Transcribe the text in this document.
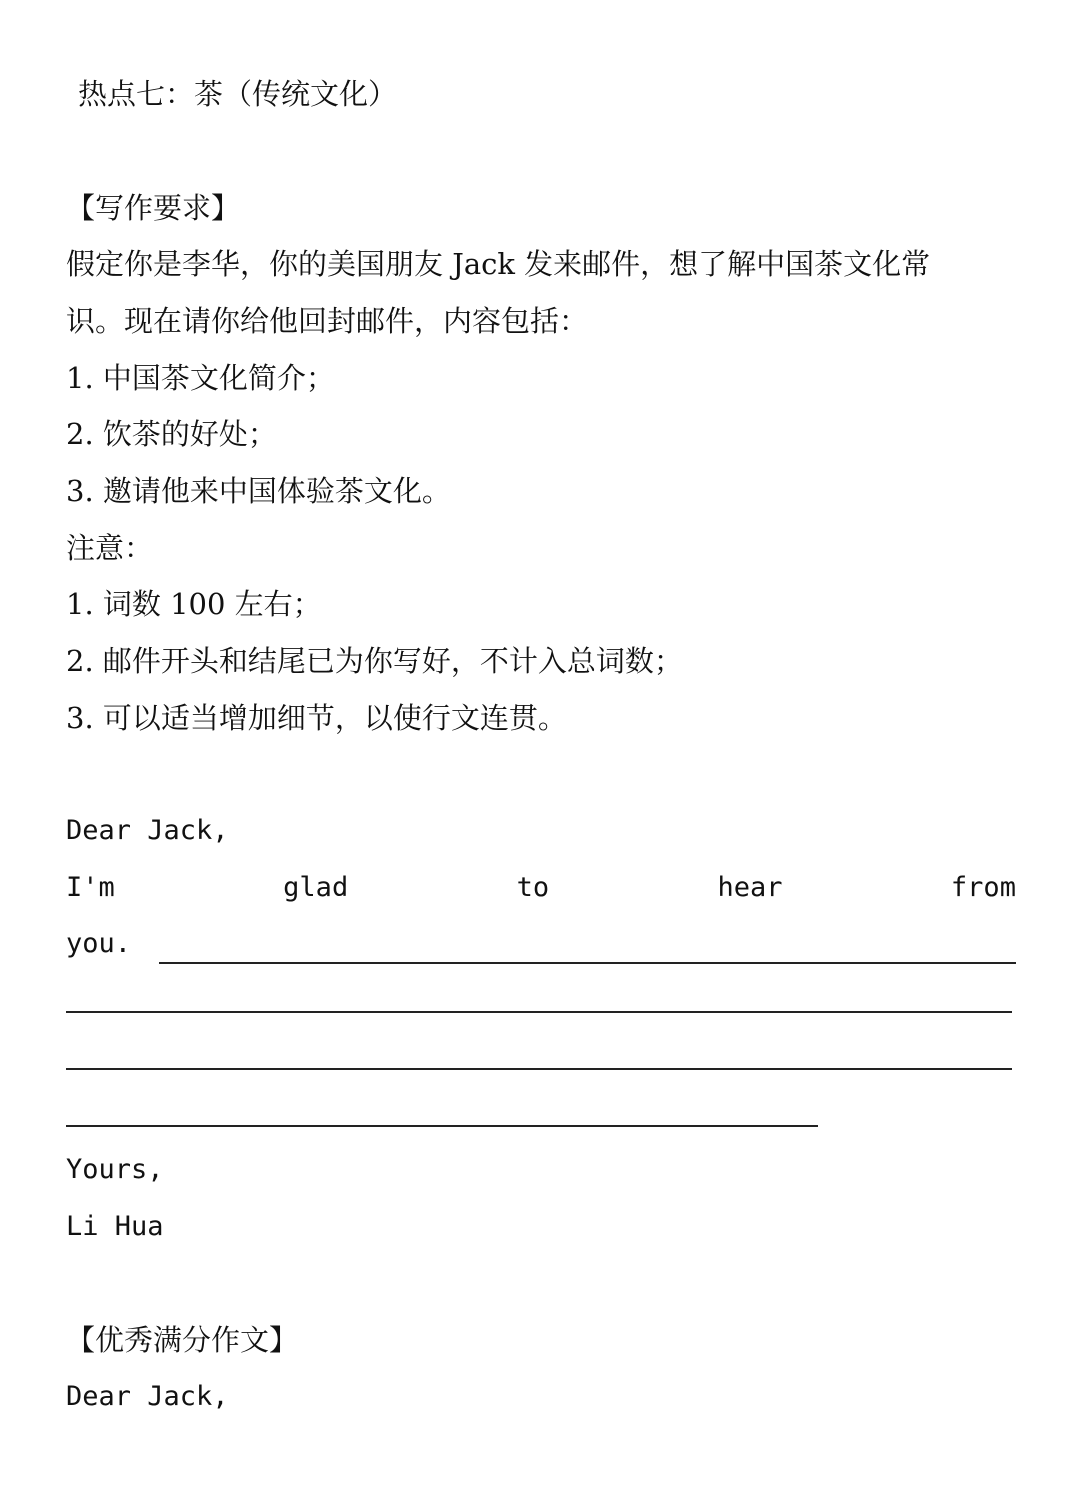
热点七：茶（传统文化）
【写作要求】
假定你是李华，你的美国朋友 Jack 发来邮件，想了解中国茶文化常
识。现在请你给他回封邮件，内容包括：
1. 中国茶文化简介；
2. 饮茶的好处；
3. 邀请他来中国体验茶文化。
注意：
1. 词数 100 左右；
2. 邮件开头和结尾已为你写好，不计入总词数；
3. 可以适当增加细节，以使行文连贯。
Dear Jack,
I'm	glad	to	hear	from
you.
Yours,
Li Hua
【优秀满分作文】
Dear Jack,
